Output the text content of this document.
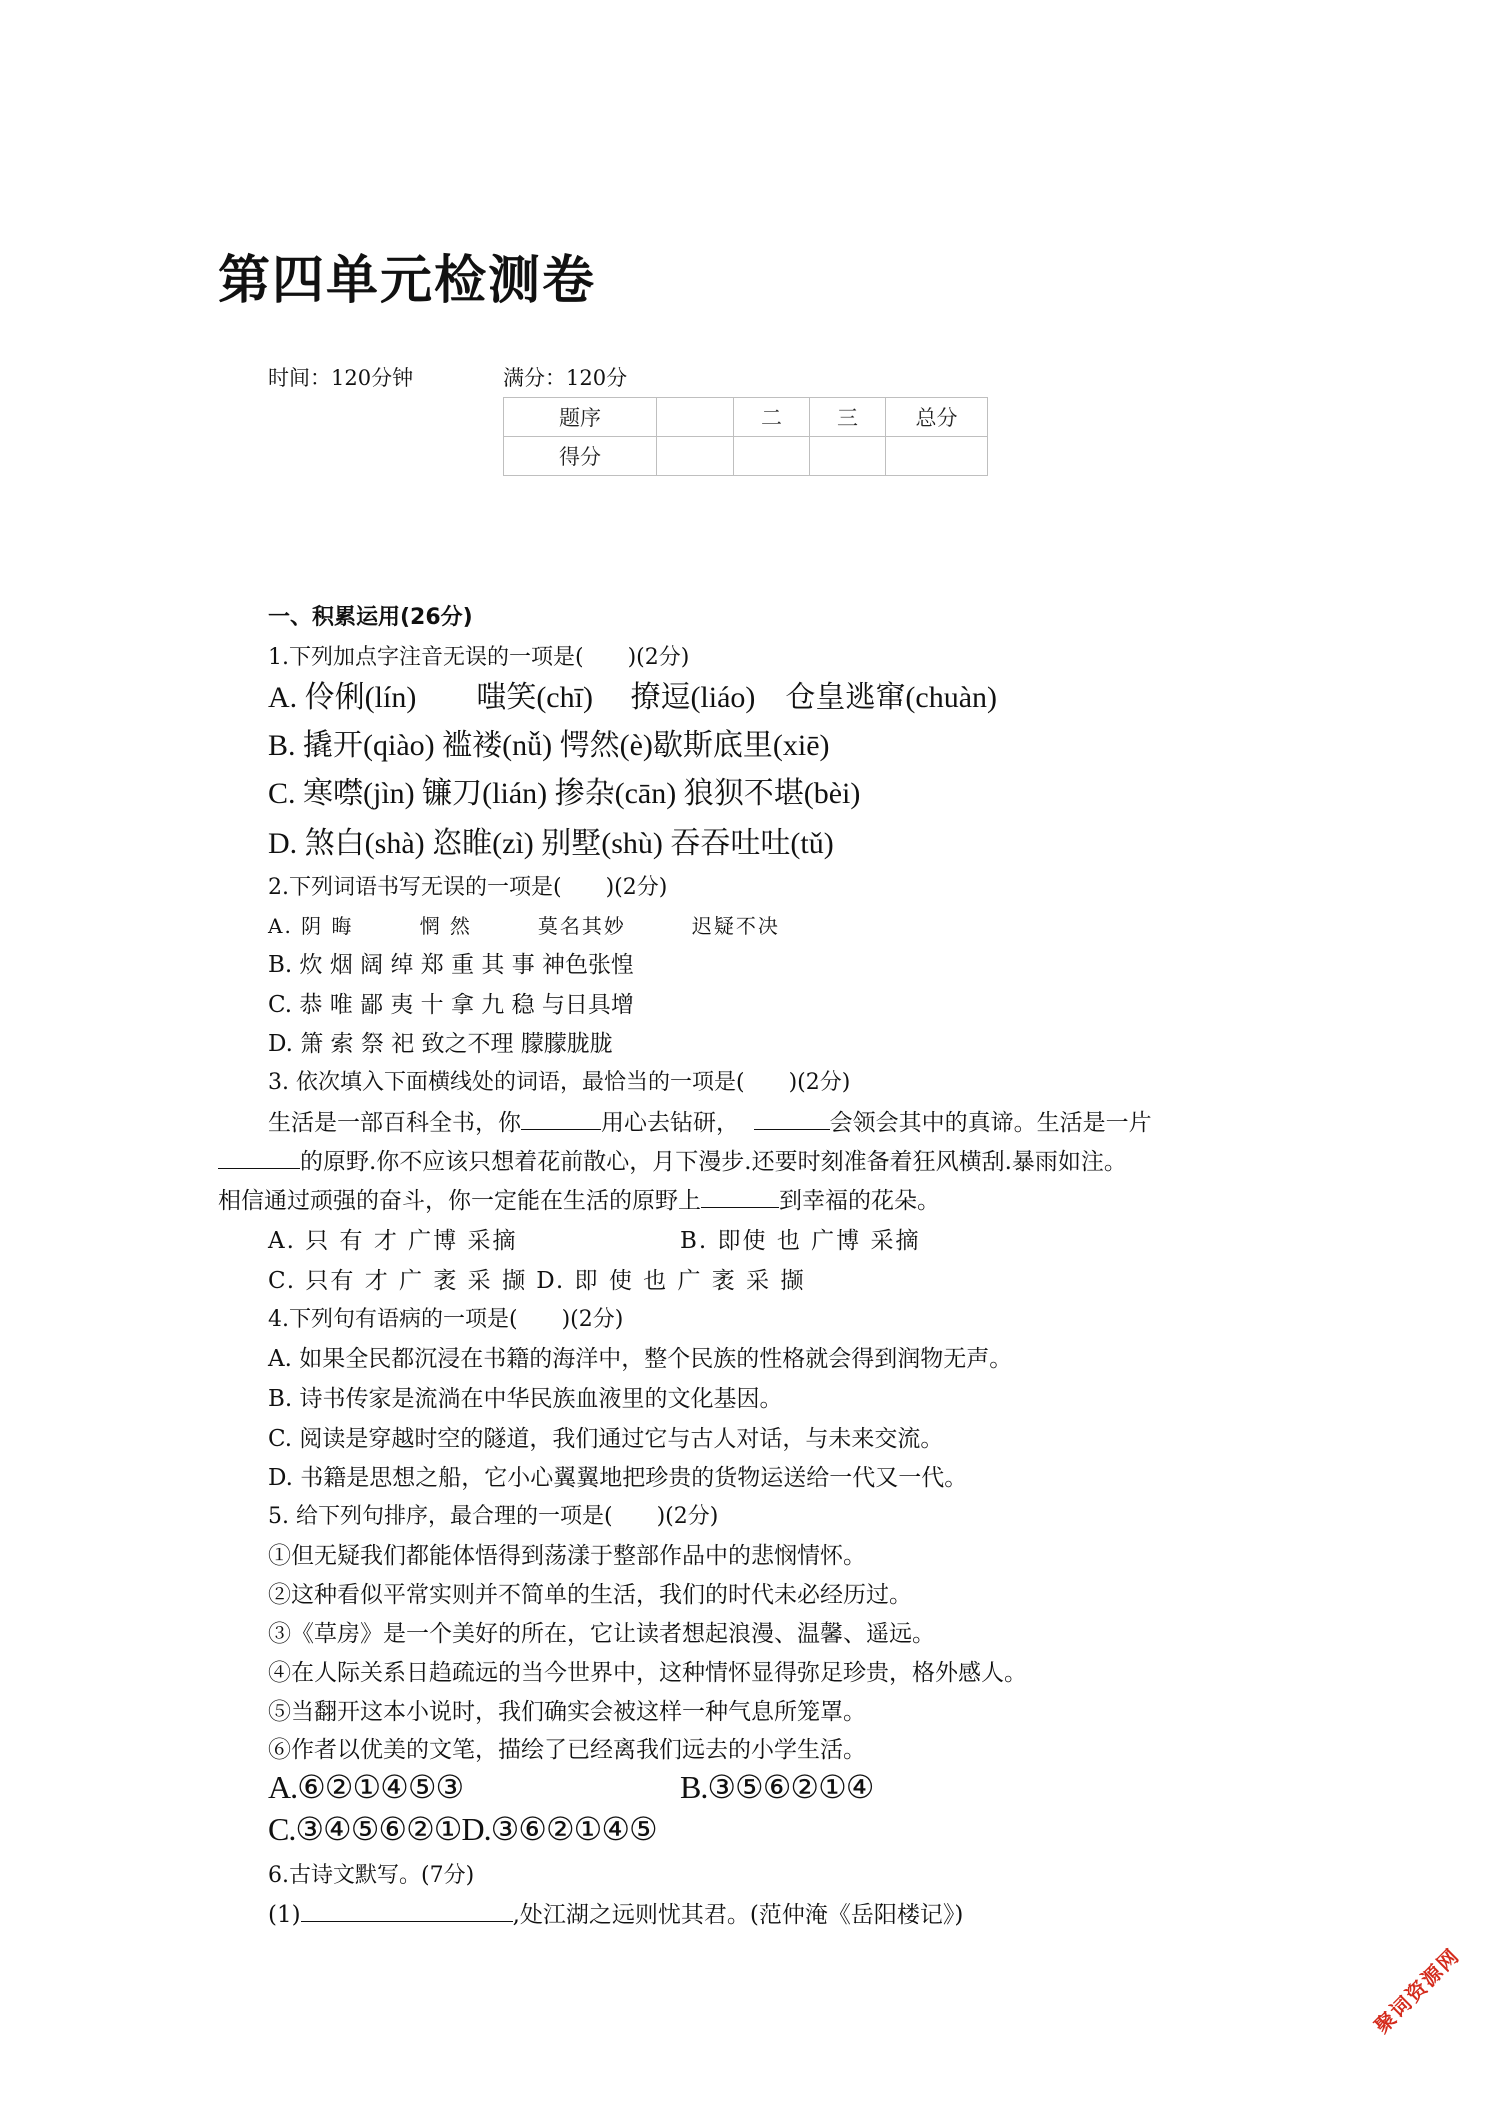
第四单元检测卷
时间：120分钟	满分：120分
题序	一	二	三	总分
得分				
一、积累运用(26分)
1.下列加点字注音无误的一项是(　　)(2分)
A. 伶俐(lín)　　嗤笑(chī)　 撩逗(liáo)　仓皇逃窜(chuàn)
B. 撬开(qiào) 褴褛(nǚ) 愕然(è)歇斯底里(xiē)
C. 寒噤(jìn) 镰刀(lián) 掺杂(cān) 狼狈不堪(bèi)
D. 煞白(shà) 恣睢(zì) 别墅(shù) 吞吞吐吐(tǔ)
2.下列词语书写无误的一项是(　　)(2分)
A. 阴 晦　　　惘 然　　　莫名其妙　　　迟疑不决
B. 炊 烟 阔 绰 郑 重 其 事 神色张惶
C. 恭 唯 鄙 夷 十 拿 九 稳 与日具增
D. 箫 索 祭 祀 致之不理 朦朦胧胧
3. 依次填入下面横线处的词语，最恰当的一项是(　　)(2分)
生活是一部百科全书，你	用心去钻研，	会领会其中的真谛。生活是一片
的原野.你不应该只想着花前散心，月下漫步.还要时刻准备着狂风横刮.暴雨如注。
相信通过顽强的奋斗，你一定能在生活的原野上	到幸福的花朵。
A. 只 有 才 广博 采摘	B. 即使 也 广博 采摘
C. 只有 才 广 袤 采 撷 D. 即 使 也 广 袤 采 撷
4.下列句有语病的一项是(　　)(2分)
A. 如果全民都沉浸在书籍的海洋中，整个民族的性格就会得到润物无声。
B. 诗书传家是流淌在中华民族血液里的文化基因。
C. 阅读是穿越时空的隧道，我们通过它与古人对话，与未来交流。
D. 书籍是思想之船，它小心翼翼地把珍贵的货物运送给一代又一代。
5. 给下列句排序，最合理的一项是(　　)(2分)
①但无疑我们都能体悟得到荡漾于整部作品中的悲悯情怀。
②这种看似平常实则并不简单的生活，我们的时代未必经历过。
③《草房》是一个美好的所在，它让读者想起浪漫、温馨、遥远。
④在人际关系日趋疏远的当今世界中，这种情怀显得弥足珍贵，格外感人。
⑤当翻开这本小说时，我们确实会被这样一种气息所笼罩。
⑥作者以优美的文笔，描绘了已经离我们远去的小学生活。
A.⑥②①④⑤③	B.③⑤⑥②①④
C.③④⑤⑥②①D.③⑥②①④⑤
6.古诗文默写。(7分)
(1)	,处江湖之远则忧其君。(范仲淹《岳阳楼记》)
聚词资源网
